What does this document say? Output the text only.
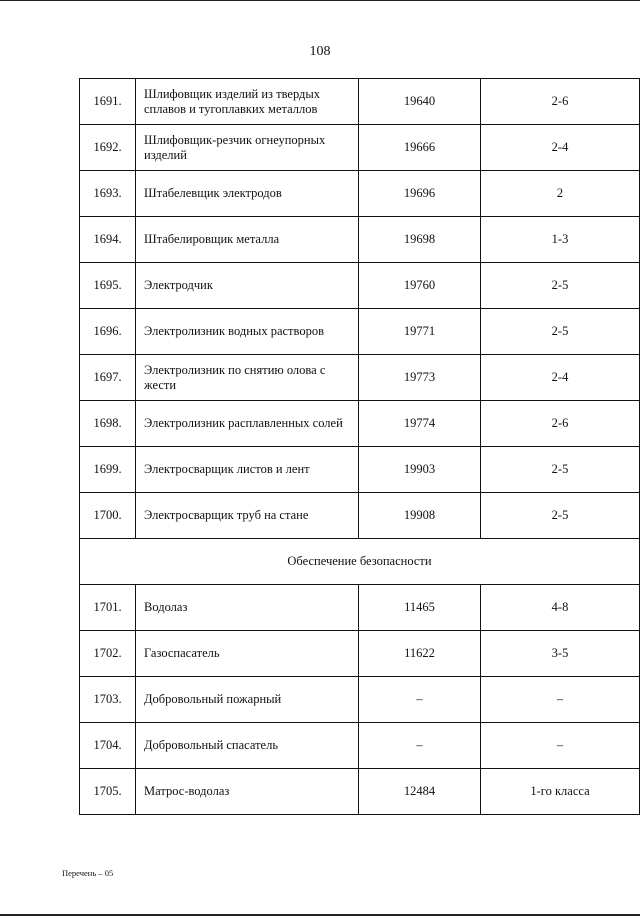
108
1691.	Шлифовщик изделий из твердых сплавов и тугоплавких металлов	19640	2-6
1692.	Шлифовщик-резчик огнеупорных изделий	19666	2-4
1693.	Штабелевщик электродов	19696	2
1694.	Штабелировщик металла	19698	1-3
1695.	Электродчик	19760	2-5
1696.	Электролизник водных растворов	19771	2-5
1697.	Электролизник по снятию олова с жести	19773	2-4
1698.	Электролизник расплавленных солей	19774	2-6
1699.	Электросварщик листов и лент	19903	2-5
1700.	Электросварщик труб на стане	19908	2-5
Обеспечение безопасности			
1701.	Водолаз	11465	4-8
1702.	Газоспасатель	11622	3-5
1703.	Добровольный пожарный	–	–
1704.	Добровольный спасатель	–	–
1705.	Матрос-водолаз	12484	1-го класса
Перечень – 05
